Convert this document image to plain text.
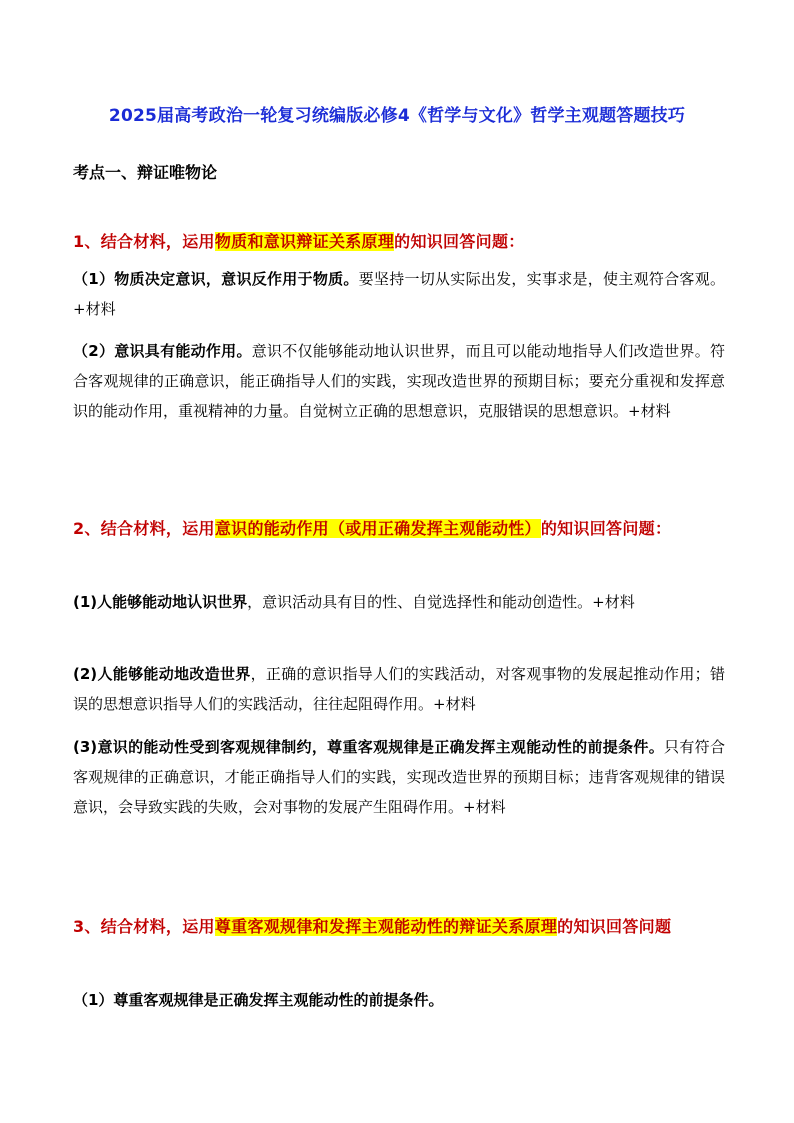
2025届高考政治一轮复习统编版必修4《哲学与文化》哲学主观题答题技巧
考点一、辩证唯物论
1、结合材料，运用物质和意识辩证关系原理的知识回答问题：
（1）物质决定意识，意识反作用于物质。要坚持一切从实际出发，实事求是，使主观符合客观。+材料
（2）意识具有能动作用。意识不仅能够能动地认识世界，而且可以能动地指导人们改造世界。符合客观规律的正确意识，能正确指导人们的实践，实现改造世界的预期目标；要充分重视和发挥意识的能动作用，重视精神的力量。自觉树立正确的思想意识，克服错误的思想意识。+材料
2、结合材料，运用意识的能动作用（或用正确发挥主观能动性）的知识回答问题：
(1)人能够能动地认识世界，意识活动具有目的性、自觉选择性和能动创造性。+材料
(2)人能够能动地改造世界，正确的意识指导人们的实践活动，对客观事物的发展起推动作用；错误的思想意识指导人们的实践活动，往往起阻碍作用。+材料
(3)意识的能动性受到客观规律制约，尊重客观规律是正确发挥主观能动性的前提条件。只有符合客观规律的正确意识，才能正确指导人们的实践，实现改造世界的预期目标；违背客观规律的错误意识，会导致实践的失败，会对事物的发展产生阻碍作用。+材料
3、结合材料，运用尊重客观规律和发挥主观能动性的辩证关系原理的知识回答问题
（1）尊重客观规律是正确发挥主观能动性的前提条件。
